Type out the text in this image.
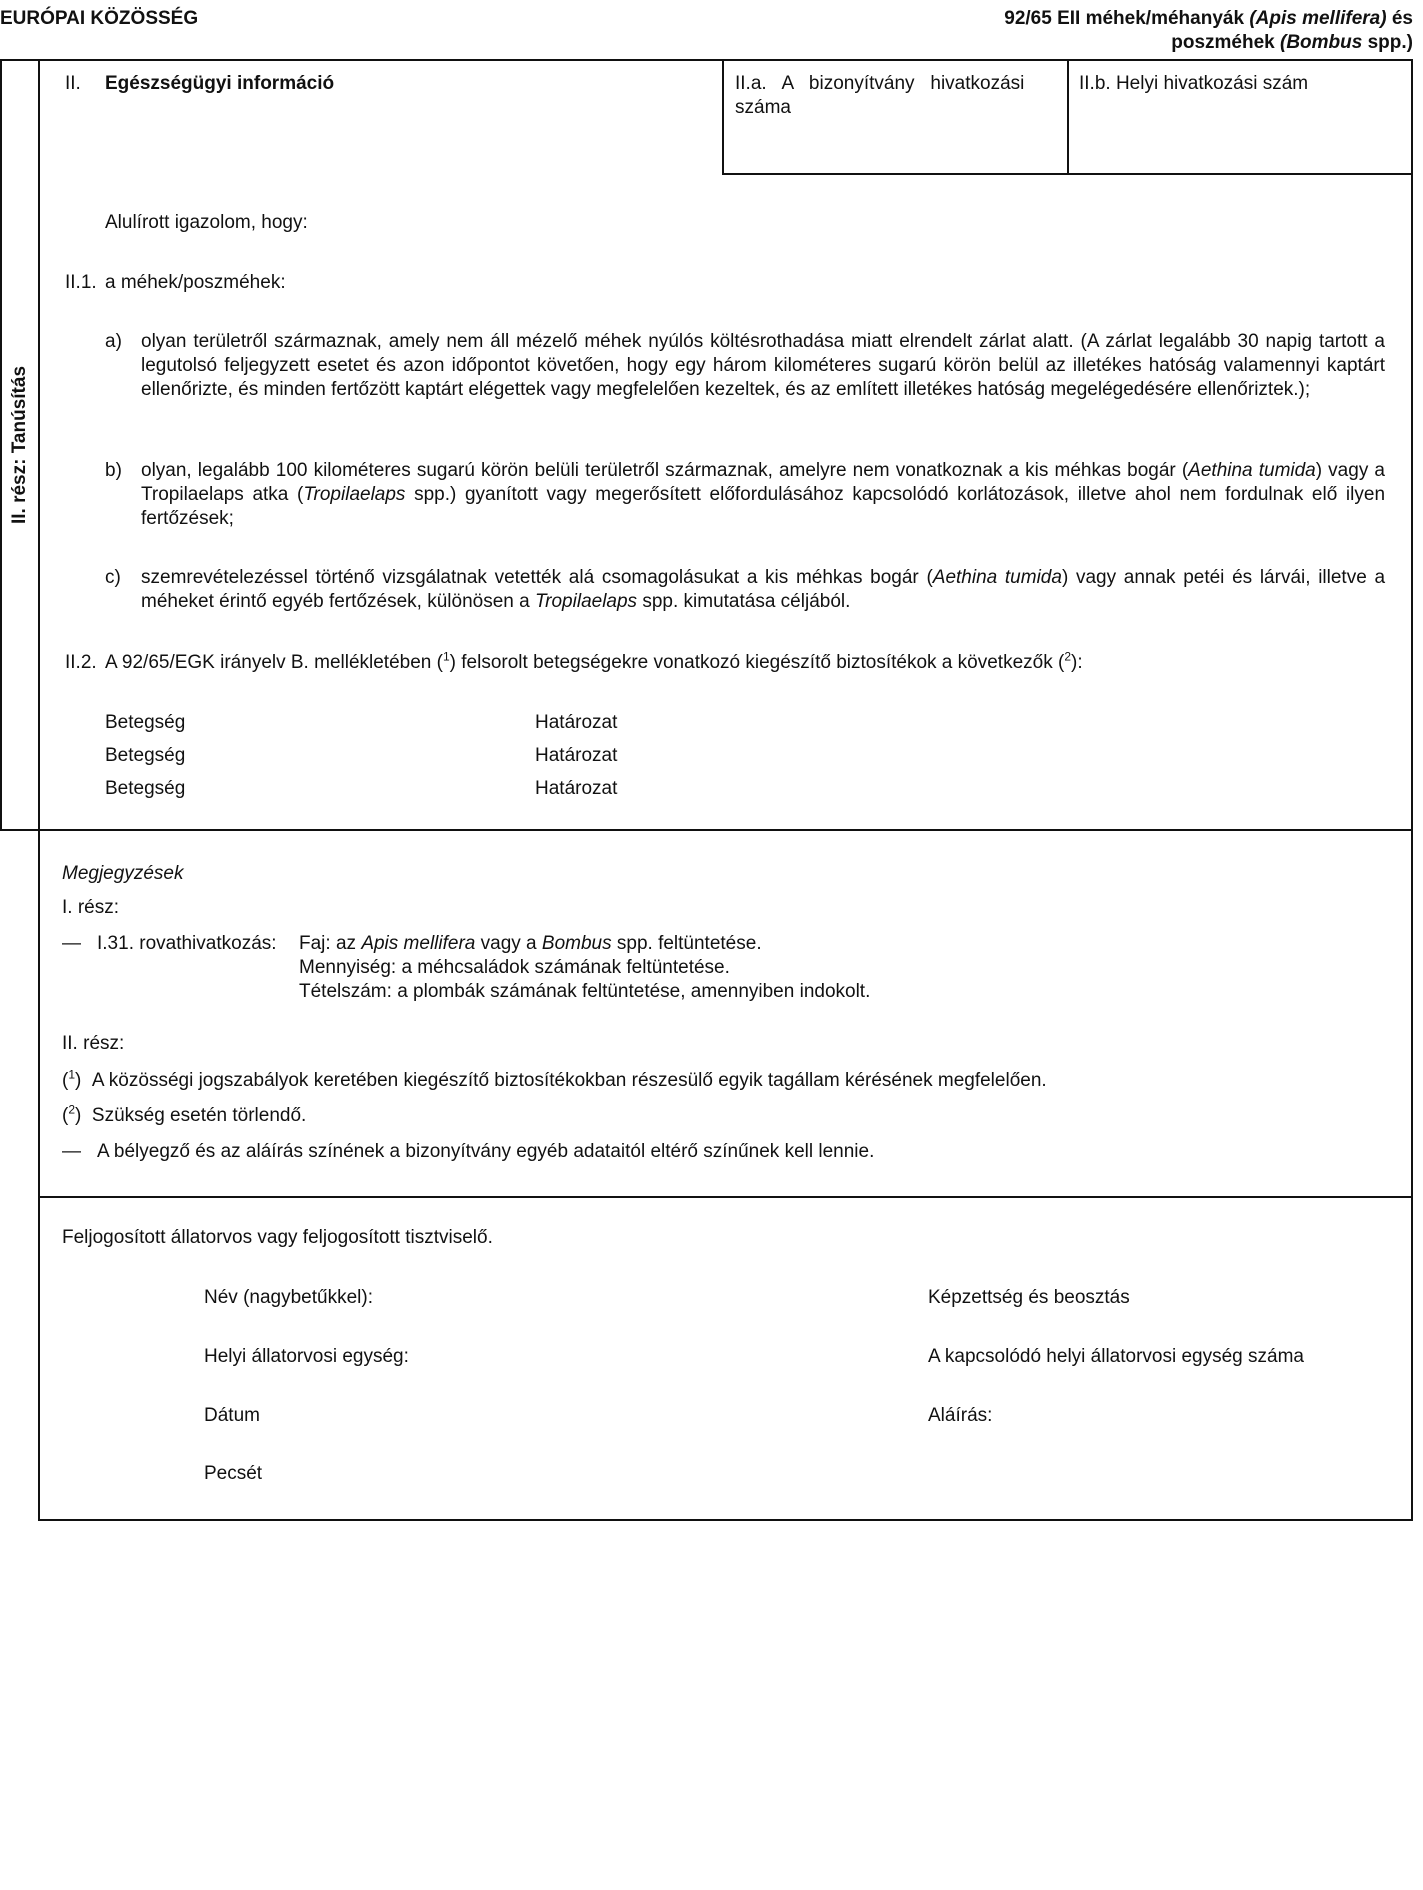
EURÓPAI KÖZÖSSÉG	92/65 EII méhek/méhanyák (Apis mellifera) és
poszméhek (Bombus spp.)
II. rész: Tanúsítás
II. Egészségügyi információ	II.a.   A   bizonyítvány   hivatkozási
száma
II.b. Helyi hivatkozási szám
Alulírott igazolom, hogy:
II.1. a méhek/poszméhek:
a) olyan területről származnak, amely nem áll mézelő méhek nyúlós költésrothadása miatt elrendelt zárlat alatt. (A zárlat legalább 30 napig tartott a legutolsó feljegyzett esetet és azon időpontot követően, hogy egy három kilométeres sugarú körön belül az illetékes hatóság valamennyi kaptárt ellenőrizte, és minden fertőzött kaptárt elégettek vagy megfelelően kezeltek, és az említett illetékes hatóság megelégedésére ellenőriztek.);
b) olyan, legalább 100 kilométeres sugarú körön belüli területről származnak, amelyre nem vonatkoznak a kis méhkas bogár (Aethina tumida) vagy a Tropilaelaps atka (Tropilaelaps spp.) gyanított vagy megerősített előfordulásához kapcsolódó korlátozások, illetve ahol nem fordulnak elő ilyen fertőzések;
c) szemrevételezéssel történő vizsgálatnak vetették alá csomagolásukat a kis méhkas bogár (Aethina tumida) vagy annak petéi és lárvái, illetve a méheket érintő egyéb fertőzések, különösen a Tropilaelaps spp. kimutatása céljából.
II.2. A 92/65/EGK irányelv B. mellékletében ($^1$) felsorolt betegségekre vonatkozó kiegészítő biztosítékok a következők ($^2$):
Betegség	Határozat
Betegség	Határozat
Betegség	Határozat
Megjegyzések
I. rész:
— I.31. rovathivatkozás: Faj: az Apis mellifera vagy a Bombus spp. feltüntetése.
Mennyiség: a méhcsaládok számának feltüntetése.
Tételszám: a plombák számának feltüntetése, amennyiben indokolt.
II. rész:
($^1$)  A közösségi jogszabályok keretében kiegészítő biztosítékokban részesülő egyik tagállam kérésének megfelelően.
($^2$)  Szükség esetén törlendő.
— A bélyegző és az aláírás színének a bizonyítvány egyéb adataitól eltérő színűnek kell lennie.
Feljogosított állatorvos vagy feljogosított tisztviselő.
Név (nagybetűkkel):	Képzettség és beosztás
Helyi állatorvosi egység:	A kapcsolódó helyi állatorvosi egység száma
Dátum	Aláírás:
Pecsét
